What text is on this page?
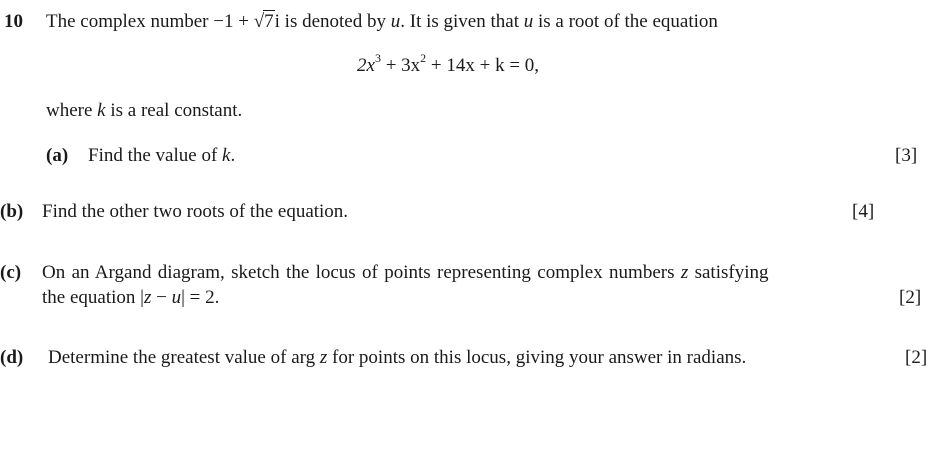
10 The complex number −1 + √7i is denoted by u. It is given that u is a root of the equation
$2x^3 + 3x^2 + 14x + k = 0$,
where k is a real constant.
(a) Find the value of k.	[3]
(b) Find the other two roots of the equation.	[4]
(c) On an Argand diagram, sketch the locus of points representing complex numbers z satisfying
the equation |z − u| = 2.	[2]
(d) Determine the greatest value of arg z for points on this locus, giving your answer in radians.	[2]
